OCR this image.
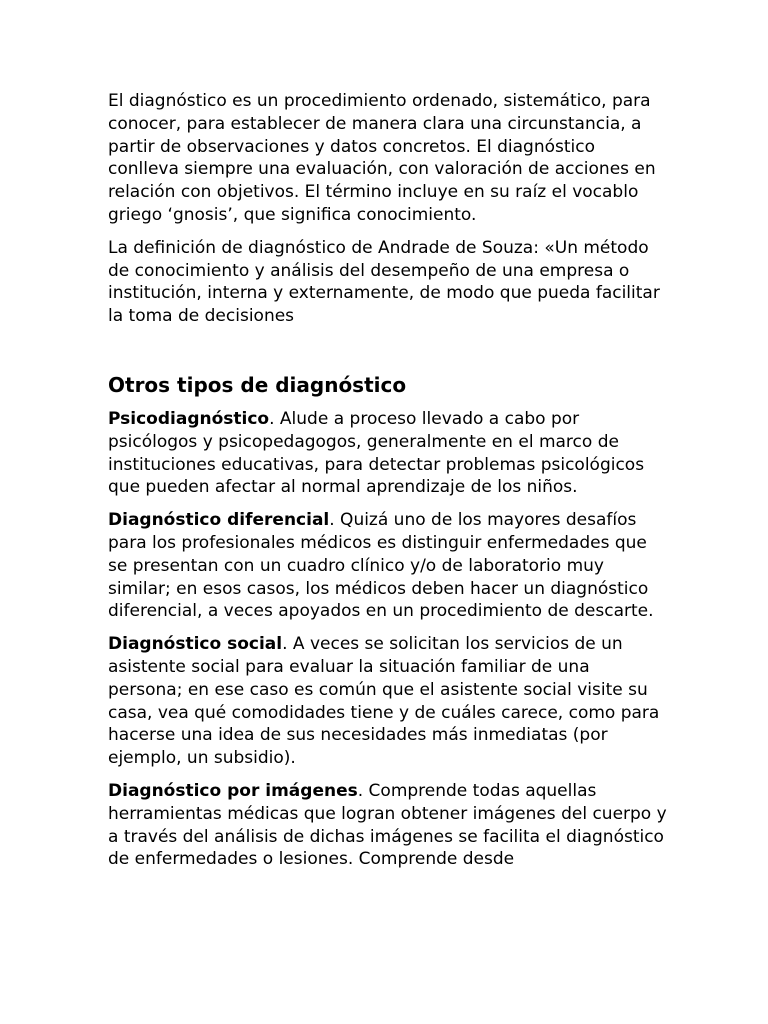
El diagnóstico es un procedimiento ordenado, sistemático, para conocer, para establecer de manera clara una circunstancia, a partir de observaciones y datos concretos. El diagnóstico conlleva siempre una evaluación, con valoración de acciones en relación con objetivos. El término incluye en su raíz el vocablo griego ‘gnosis’, que significa conocimiento.

La definición de diagnóstico de Andrade de Souza: «Un método de conocimiento y análisis del desempeño de una empresa o institución, interna y externamente, de modo que pueda facilitar la toma de decisiones

Otros tipos de diagnóstico

Psicodiagnóstico. Alude a proceso llevado a cabo por psicólogos y psicopedagogos, generalmente en el marco de instituciones educativas, para detectar problemas psicológicos que pueden afectar al normal aprendizaje de los niños.

Diagnóstico diferencial. Quizá uno de los mayores desafíos para los profesionales médicos es distinguir enfermedades que se presentan con un cuadro clínico y/o de laboratorio muy similar; en esos casos, los médicos deben hacer un diagnóstico diferencial, a veces apoyados en un procedimiento de descarte.

Diagnóstico social. A veces se solicitan los servicios de un asistente social para evaluar la situación familiar de una persona; en ese caso es común que el asistente social visite su casa, vea qué comodidades tiene y de cuáles carece, como para hacerse una idea de sus necesidades más inmediatas (por ejemplo, un subsidio).

Diagnóstico por imágenes. Comprende todas aquellas herramientas médicas que logran obtener imágenes del cuerpo y a través del análisis de dichas imágenes se facilita el diagnóstico de enfermedades o lesiones. Comprende desde
